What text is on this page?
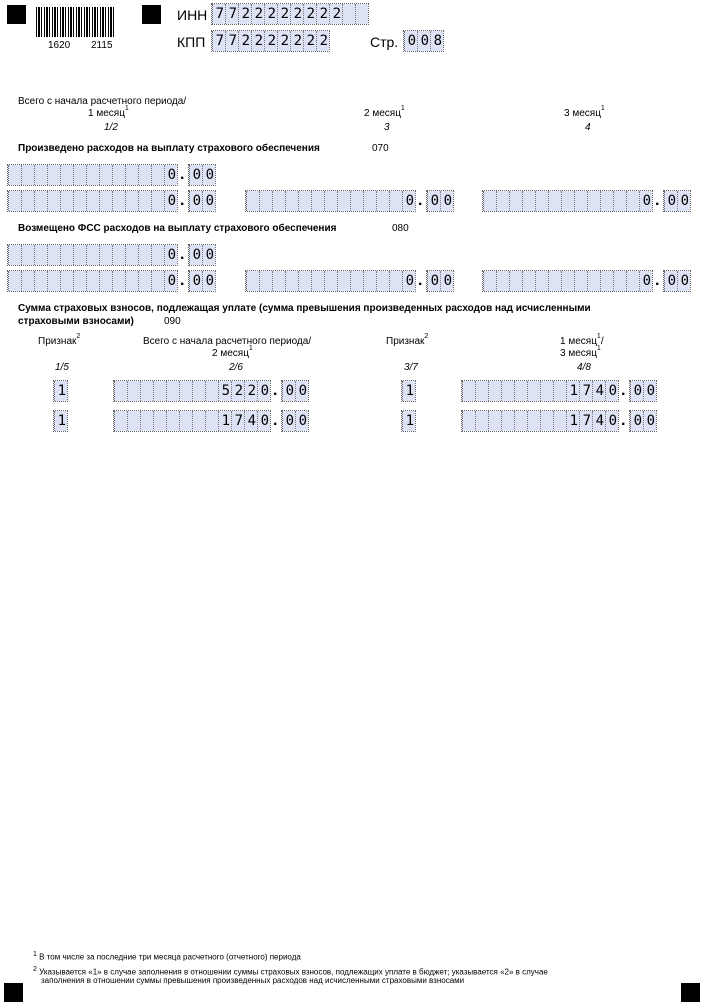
1620 2115
ИНН 7 7 2 2 2 2 2 2 2 2
КПП 7 7 2 2 2 2 2 2 2	Стр. 0 0 8
Всего с начала расчетного периода/
1 месяц$^1$
1/2
2 месяц$^1$
3
3 месяц$^1$
4
Произведено расходов на выплату страхового обеспечения	070
Возмещено ФСС расходов на выплату страхового обеспечения	080
Сумма страховых взносов, подлежащая уплате (сумма превышения произведенных расходов над исчисленными
страховыми взносами)	090
Признак$^2$	Всего с начала расчетного периода/
2 месяц$^1$
Признак$^2$	1 месяц$^1$/
3 месяц$^1$
1/5	2/6	3/7	4/8
$^1$ В том числе за последние три месяца расчетного (отчетного) периода
$^2$ Указывается «1» в случае заполнения в отношении суммы страховых взносов, подлежащих уплате в бюджет; указывается «2» в случае
заполнения в отношении суммы превышения произведенных расходов над исчисленными страховыми взносами
0 . 0 0
0 . 0 0	0 . 0 0	0 . 0 0
0 . 0 0
0 . 0 0	0 . 0 0	0 . 0 0
1	5 2 2 0 . 0 0	1	1 7 4 0 . 0 0
1	1 7 4 0 . 0 0	1	1 7 4 0 . 0 0
